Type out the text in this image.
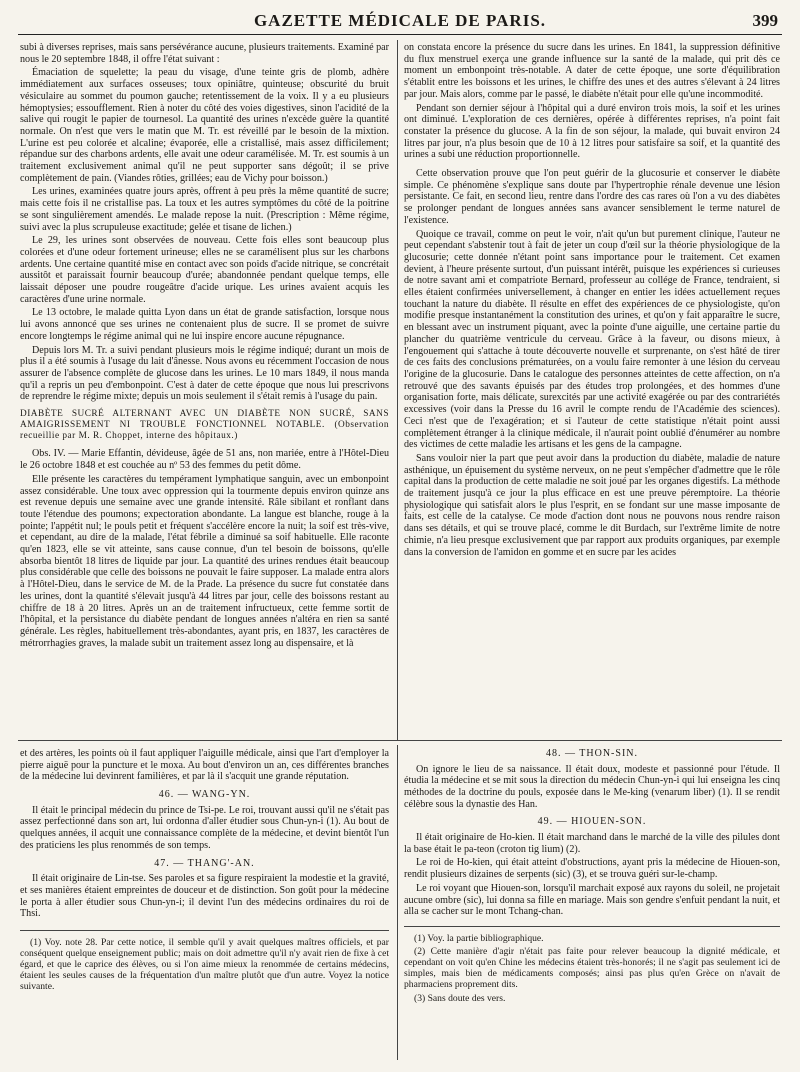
GAZETTE MÉDICALE DE PARIS.	399

subi à diverses reprises, mais sans persévérance aucune, plusieurs traitements. Examiné par nous le 20 septembre 1848, il offre l'état suivant :

Émaciation de squelette; la peau du visage, d'une teinte gris de plomb, adhère immédiatement aux surfaces osseuses; toux opiniâtre, quinteuse; obscurité du bruit vésiculaire au sommet du poumon gauche; retentissement de la voix. Il y a eu plusieurs hémoptysies; essoufflement. Rien à noter du côté des voies digestives, sinon l'acidité de la salive qui rougit le papier de tournesol. La quantité des urines n'excède guère la quantité normale. On n'est que vers le matin que M. Tr. est réveillé par le besoin de la mixtion. L'urine est peu colorée et alcaline; évaporée, elle a cristallisé, mais assez difficilement; répandue sur des charbons ardents, elle avait une odeur caramélisée. M. Tr. est soumis à un traitement exclusivement animal qu'il ne peut supporter sans dégoût; il se prive complètement de pain. (Viandes rôties, grillées; eau de Vichy pour boisson.)

Les urines, examinées quatre jours après, offrent à peu près la même quantité de sucre; mais cette fois il ne cristallise pas. La toux et les autres symptômes du côté de la poitrine se sont singulièrement amendés. Le malade repose la nuit. (Prescription : Même régime, suivi avec la plus scrupuleuse exactitude; gelée et tisane de lichen.)

Le 29, les urines sont observées de nouveau. Cette fois elles sont beaucoup plus colorées et d'une odeur fortement urineuse; elles ne se caramélisent plus sur les charbons ardents. Une certaine quantité mise en contact avec son poids d'acide nitrique, se concrétait aussitôt et paraissait fournir beaucoup d'urée; abandonnée pendant quelque temps, elle laissait déposer une poudre rougeâtre d'acide urique. Les urines avaient acquis les caractères d'une urine normale.

Le 13 octobre, le malade quitta Lyon dans un état de grande satisfaction, lorsque nous lui avons annoncé que ses urines ne contenaient plus de sucre. Il se promet de suivre encore longtemps le régime animal qui ne lui inspire encore aucune répugnance.

Depuis lors M. Tr. a suivi pendant plusieurs mois le régime indiqué; durant un mois de plus il a été soumis à l'usage du lait d'ânesse. Nous avons eu récemment l'occasion de nous assurer de l'absence complète de glucose dans les urines. Le 10 mars 1849, il nous manda qu'il a repris un peu d'embonpoint. C'est à dater de cette époque que nous lui prescrivons de reprendre le régime mixte; depuis un mois seulement il s'était remis à l'usage du pain.

DIABÈTE SUCRÉ ALTERNANT AVEC UN DIABÈTE NON SUCRÉ, SANS AMAIGRISSEMENT NI TROUBLE FONCTIONNEL NOTABLE. (Observation recueillie par M. R. Choppet, interne des hôpitaux.)

Obs. IV. — Marie Effantin, dévideuse, âgée de 51 ans, non mariée, entre à l'Hôtel-Dieu le 26 octobre 1848 et est couchée au nº 53 des femmes du petit dôme.

Elle présente les caractères du tempérament lymphatique sanguin, avec un embonpoint assez considérable. Une toux avec oppression qui la tourmente depuis environ quinze ans est revenue depuis une semaine avec une grande intensité. Râle sibilant et ronflant dans toute l'étendue des poumons; expectoration abondante. La langue est blanche, rouge à la pointe; l'appétit nul; le pouls petit et fréquent s'accélère encore la nuit; la soif est très-vive, et cependant, au dire de la malade, l'état fébrile a diminué sa soif habituelle. Elle raconte qu'en 1823, elle se vit atteinte, sans cause connue, d'un tel besoin de boissons, qu'elle absorba bientôt 18 litres de liquide par jour. La quantité des urines rendues était beaucoup plus considérable que celle des boissons ne pouvait le faire supposer. La malade entra alors à l'Hôtel-Dieu, dans le service de M. de la Prade. La présence du sucre fut constatée dans les urines, dont la quantité s'élevait jusqu'à 44 litres par jour, celle des boissons restant au chiffre de 18 à 20 litres. Après un an de traitement infructueux, cette femme sortit de l'hôpital, et la persistance du diabète pendant de longues années n'altéra en rien sa santé générale. Les règles, habituellement très-abondantes, ayant pris, en 1837, les caractères de métrorrhagies graves, la malade subit un traitement assez long au dispensaire, et là

on constata encore la présence du sucre dans les urines. En 1841, la suppression définitive du flux menstruel exerça une grande influence sur la santé de la malade, qui prit dès ce moment un embonpoint très-notable. A dater de cette époque, une sorte d'équilibration s'établit entre les boissons et les urines, le chiffre des unes et des autres s'élevant à 24 litres par jour. Mais alors, comme par le passé, le diabète n'était pour elle qu'une incommodité.

Pendant son dernier séjour à l'hôpital qui a duré environ trois mois, la soif et les urines ont diminué. L'exploration de ces dernières, opérée à différentes reprises, n'a point fait constater la présence du glucose. A la fin de son séjour, la malade, qui buvait environ 24 litres par jour, n'a plus besoin que de 10 à 12 litres pour satisfaire sa soif, et la quantité des urines a subi une réduction proportionnelle.

Cette observation prouve que l'on peut guérir de la glucosurie et conserver le diabète simple. Ce phénomène s'explique sans doute par l'hypertrophie rénale devenue une lésion persistante. Ce fait, en second lieu, rentre dans l'ordre des cas rares où l'on a vu des diabètes se prolonger pendant de longues années sans avancer sensiblement le terme naturel de l'existence.

Quoique ce travail, comme on peut le voir, n'ait qu'un but purement clinique, l'auteur ne peut cependant s'abstenir tout à fait de jeter un coup d'œil sur la théorie physiologique de la glucosurie; cette donnée n'étant point sans importance pour le traitement. Cet examen devient, à l'heure présente surtout, d'un puissant intérêt, puisque les expériences si curieuses de notre savant ami et compatriote Bernard, professeur au collége de France, tendraient, si elles étaient confirmées universellement, à changer en entier les idées actuellement reçues touchant la nature du diabète. Il résulte en effet des expériences de ce physiologiste, qu'on modifie presque instantanément la constitution des urines, et qu'on y fait apparaître le sucre, en blessant avec un instrument piquant, avec la pointe d'une aiguille, une certaine partie du plancher du quatrième ventricule du cerveau. Grâce à la faveur, ou disons mieux, à l'engouement qui s'attache à toute découverte nouvelle et surprenante, on s'est hâté de tirer de ces faits des conclusions prématurées, on a voulu faire remonter à une lésion du cerveau l'origine de la glucosurie. Dans le catalogue des personnes atteintes de cette affection, on n'a retrouvé que des savants épuisés par des études trop prolongées, et des hommes d'une organisation forte, mais délicate, surexcités par une activité exagérée ou par des contrariétés excessives (voir dans la Presse du 16 avril le compte rendu de l'Académie des sciences). Ceci n'est que de l'exagération; et si l'auteur de cette statistique n'était point aussi complètement étranger à la clinique médicale, il n'aurait point oublié d'énumérer au nombre des victimes de cette maladie les artisans et les gens de la campagne.

Sans vouloir nier la part que peut avoir dans la production du diabète, maladie de nature asthénique, un épuisement du système nerveux, on ne peut s'empêcher d'admettre que le rôle capital dans la production de cette maladie ne soit joué par les organes digestifs. La méthode de traitement jusqu'à ce jour la plus efficace en est une preuve péremptoire. La théorie physiologique qui satisfait alors le plus l'esprit, en se fondant sur une masse imposante de faits, est celle de la catalyse. Ce mode d'action dont nous ne pouvons nous rendre raison dans ses détails, et qui se trouve placé, comme le dit Burdach, sur l'extrême limite de notre chimie, n'a lieu presque exclusivement que par rapport aux produits organiques, par exemple dans la conversion de l'amidon en gomme et en sucre par les acides

et des artères, les points où il faut appliquer l'aiguille médicale, ainsi que l'art d'employer la pierre aiguë pour la puncture et le moxa. Au bout d'environ un an, ces différentes branches de la médecine lui devinrent familières, et par là il s'acquit une grande réputation.

46. — WANG-YN.

Il était le principal médecin du prince de Tsi-pe. Le roi, trouvant aussi qu'il ne s'était pas assez perfectionné dans son art, lui ordonna d'aller étudier sous Chun-yn-i (1). Au bout de quelques années, il acquit une connaissance complète de la médecine, et devint bientôt l'un des praticiens les plus renommés de son temps.

47. — THANG'-AN.

Il était originaire de Lin-tse. Ses paroles et sa figure respiraient la modestie et la gravité, et ses manières étaient empreintes de douceur et de distinction. Son goût pour la médecine le porta à aller étudier sous Chun-yn-i; il devint l'un des médecins ordinaires du roi de Thsi.

(1) Voy. note 28. Par cette notice, il semble qu'il y avait quelques maîtres officiels, et par conséquent quelque enseignement public; mais on doit admettre qu'il n'y avait rien de fixe à cet égard, et que le caprice des élèves, ou si l'on aime mieux la renommée de certains médecins, étaient les seules causes de la fréquentation d'un maître plutôt que d'un autre. Voyez la notice suivante.

48. — THON-SIN.

On ignore le lieu de sa naissance. Il était doux, modeste et passionné pour l'étude. Il étudia la médecine et se mit sous la direction du médecin Chun-yn-i qui lui enseigna les cinq méthodes de la doctrine du pouls, exposée dans le Me-king (venarum liber) (1). Il se rendit célèbre sous la dynastie des Han.

49. — HIOUEN-SON.

Il était originaire de Ho-kien. Il était marchand dans le marché de la ville des pilules dont la base était le pa-teon (croton tig lium) (2).

Le roi de Ho-kien, qui était atteint d'obstructions, ayant pris la médecine de Hiouen-son, rendit plusieurs dizaines de serpents (sic) (3), et se trouva guéri sur-le-champ.

Le roi voyant que Hiouen-son, lorsqu'il marchait exposé aux rayons du soleil, ne projetait aucune ombre (sic), lui donna sa fille en mariage. Mais son gendre s'enfuit pendant la nuit, et alla se cacher sur le mont Tchang-chan.

(1) Voy. la partie bibliographique.

(2) Cette manière d'agir n'était pas faite pour relever beaucoup la dignité médicale, et cependant on voit qu'en Chine les médecins étaient très-honorés; il ne s'agit pas seulement ici de simples, mais bien de médicaments composés; ainsi pas plus qu'en Grèce on n'avait de pharmaciens proprement dits.

(3) Sans doute des vers.
